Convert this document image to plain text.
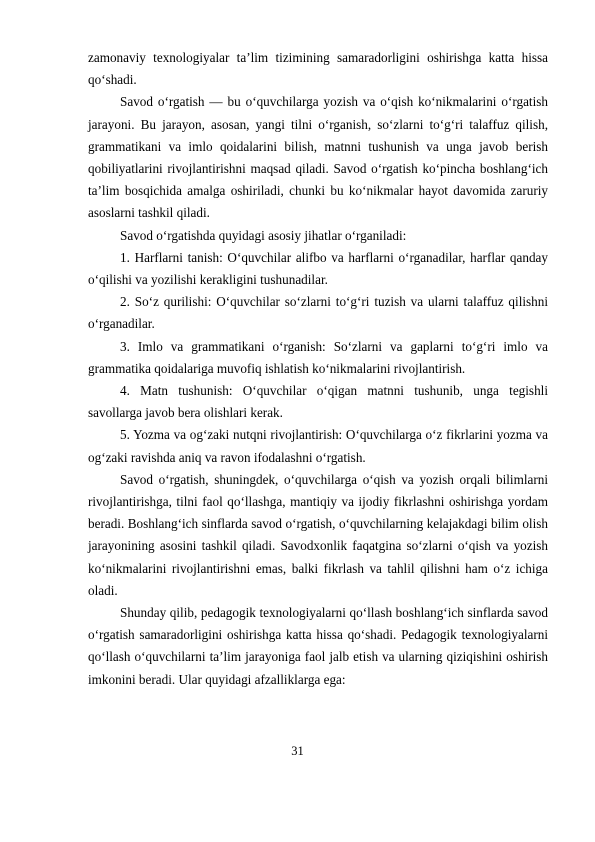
zamonaviy texnologiyalar ta’lim tizimining samaradorligini oshirishga katta hissa qo‘shadi.

Savod o‘rgatish — bu o‘quvchilarga yozish va o‘qish ko‘nikmalarini o‘rgatish jarayoni. Bu jarayon, asosan, yangi tilni o‘rganish, so‘zlarni to‘g‘ri talaffuz qilish, grammatikani va imlo qoidalarini bilish, matnni tushunish va unga javob berish qobiliyatlarini rivojlantirishni maqsad qiladi. Savod o‘rgatish ko‘pincha boshlang‘ich ta’lim bosqichida amalga oshiriladi, chunki bu ko‘nikmalar hayot davomida zaruriy asoslarni tashkil qiladi.

Savod o‘rgatishda quyidagi asosiy jihatlar o‘rganiladi:

1. Harflarni tanish: O‘quvchilar alifbo va harflarni o‘rganadilar, harflar qanday o‘qilishi va yozilishi kerakligini tushunadilar.

2. So‘z qurilishi: O‘quvchilar so‘zlarni to‘g‘ri tuzish va ularni talaffuz qilishni o‘rganadilar.

3. Imlo va grammatikani o‘rganish: So‘zlarni va gaplarni to‘g‘ri imlo va grammatika qoidalariga muvofiq ishlatish ko‘nikmalarini rivojlantirish.

4. Matn tushunish: O‘quvchilar o‘qigan matnni tushunib, unga tegishli savollarga javob bera olishlari kerak.

5. Yozma va og‘zaki nutqni rivojlantirish: O‘quvchilarga o‘z fikrlarini yozma va og‘zaki ravishda aniq va ravon ifodalashni o‘rgatish.

Savod o‘rgatish, shuningdek, o‘quvchilarga o‘qish va yozish orqali bilimlarni rivojlantirishga, tilni faol qo‘llashga, mantiqiy va ijodiy fikrlashni oshirishga yordam beradi. Boshlang‘ich sinflarda savod o‘rgatish, o‘quvchilarning kelajakdagi bilim olish jarayonining asosini tashkil qiladi. Savodxonlik faqatgina so‘zlarni o‘qish va yozish ko‘nikmalarini rivojlantirishni emas, balki fikrlash va tahlil qilishni ham o‘z ichiga oladi.

Shunday qilib, pedagogik texnologiyalarni qo‘llash boshlang‘ich sinflarda savod o‘rgatish samaradorligini oshirishga katta hissa qo‘shadi. Pedagogik texnologiyalarni qo‘llash o‘quvchilarni ta’lim jarayoniga faol jalb etish va ularning qiziqishini oshirish imkonini beradi. Ular quyidagi afzalliklarga ega:

31
